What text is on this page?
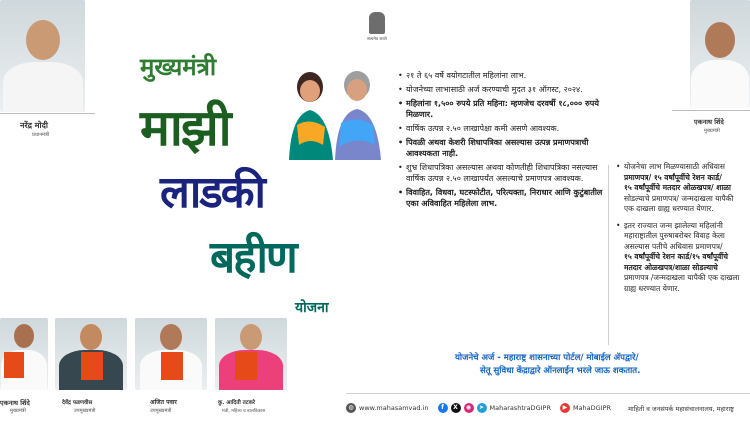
नरेंद्र मोदी
प्रधानमंत्री
सत्यमेव जयते
मुख्यमंत्री
माझी
लाडकी
बहीण
योजना
• २१ ते ६५ वर्षे वयोगटातील महिलांना लाभ.
• योजनेच्या लाभासाठी अर्ज करण्याची मुदत ३१ ऑगस्ट, २०२४.
• महिलांना १,५०० रुपये प्रति महिना: म्हणजेच दरवर्षी १८,००० रुपये मिळणार.
• वार्षिक उत्पन्न २.५० लाखापेक्षा कमी असणे आवश्यक.
• पिवळी अथवा केशरी शिधापत्रिका असल्यास उत्पन्न प्रमाणपत्राची आवश्यकता नाही.
• शुभ्र शिधापत्रिका असल्यास अथवा कोणतीही शिधापत्रिका नसल्यास वार्षिक उत्पन्न २.५० लाखापर्यंत असल्याचे प्रमाणपत्र आवश्यक.
• विवाहित, विधवा, घटस्फोटीत, परित्यक्ता, निराधार आणि कुटुंबातील एका अविवाहित महिलेला लाभ.
एकनाथ शिंदे
मुख्यमंत्री
• योजनेचा लाभ मिळण्यासाठी अधिवास
प्रमाणपत्र/ १५ वर्षांपूर्वीचे रेशन कार्ड/
१५ वर्षांपूर्वीचे मतदार ओळखपत्र/ शाळा
सोडल्याचे प्रमाणपत्र/ जन्मदाखला यापैकी
एक दाखला ग्राह्य धरण्यात येणार.
• इतर राज्यात जन्म झालेल्या महिलांनी
महाराष्ट्रातील पुरुषाबरोबर विवाह केला
असल्यास पतीचे अधिवास प्रमाणपत्र/
१५ वर्षांपूर्वीचे रेशन कार्ड/१५ वर्षांपूर्वीचे
मतदार ओळखपत्र/शाळा सोडल्याचे
प्रमाणपत्र /जन्मदाखला यापैकी एक दाखला
ग्राह्य धरण्यात येणार.
योजनेचे अर्ज - महाराष्ट्र शासनाच्या पोर्टल/ मोबाईल ॲपद्वारे/
सेतू सुविधा केंद्राद्वारे ऑनलाईन भरले जाऊ शकतात.
एकनाथ शिंदे
मुख्यमंत्री
देवेंद्र फडणवीस
उपमुख्यमंत्री
अजित पवार
उपमुख्यमंत्री
कु. आदिती तटकरे
मंत्री, महिला व बालविकास
◍ www.mahasamvad.in	f	X	◉	➤ MaharashtraDGIPR	▶ MahaDGIPR	माहिती व जनसंपर्क महासंचालनालय, महाराष्ट्र
